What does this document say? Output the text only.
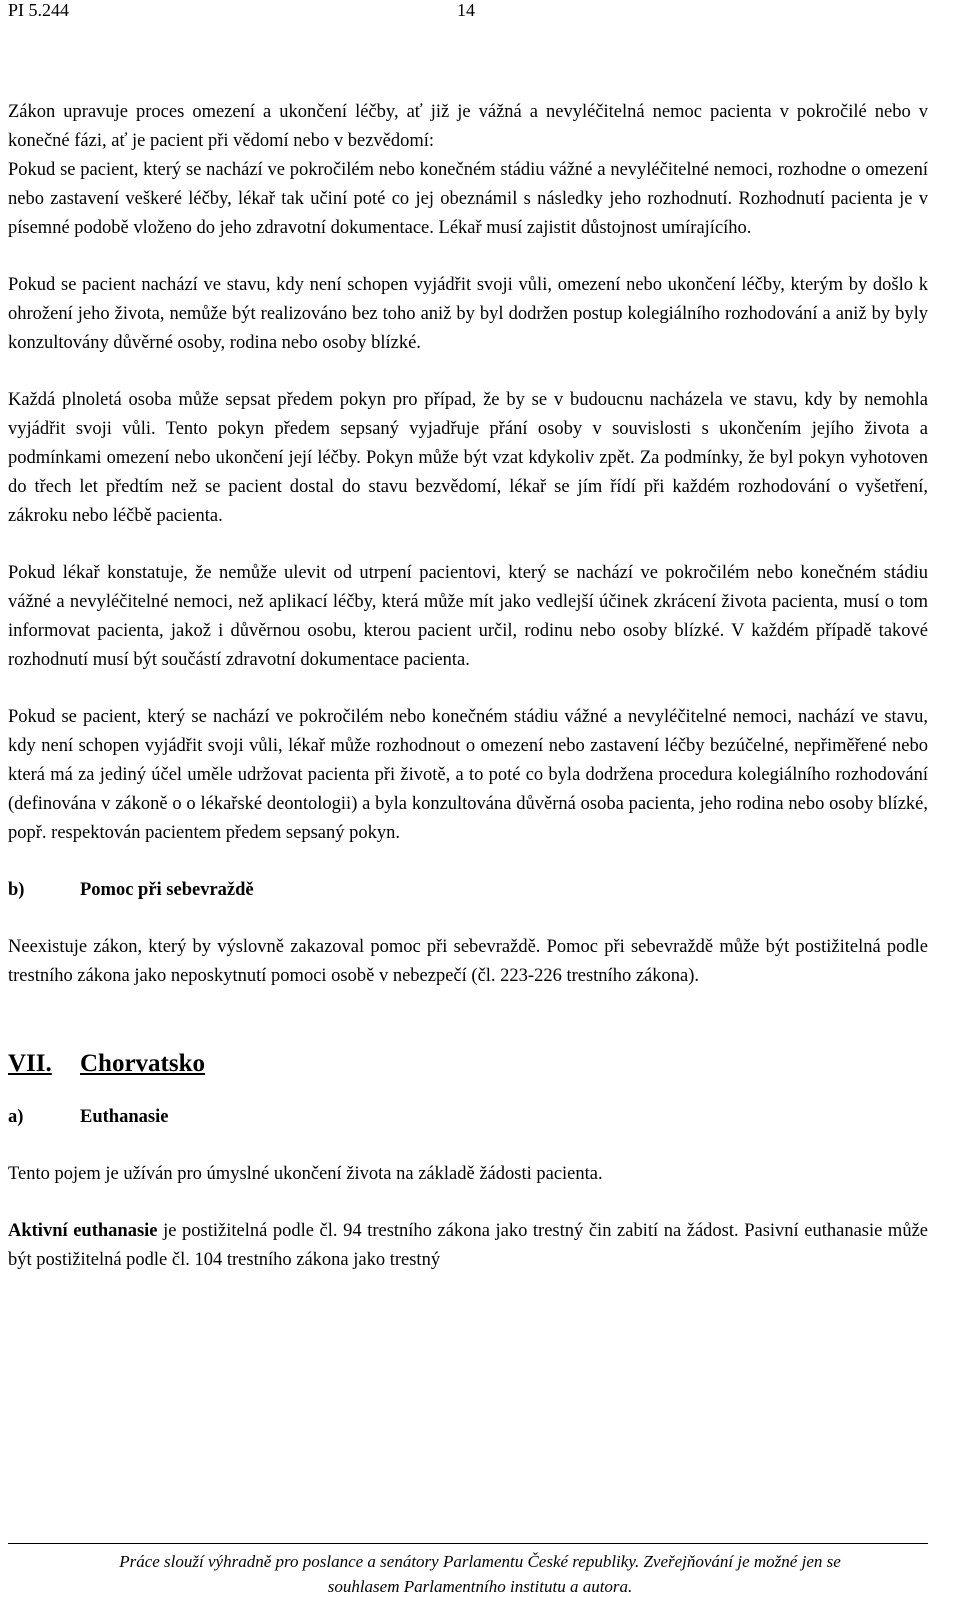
PI 5.244	14

Zákon upravuje proces omezení a ukončení léčby, ať již je vážná a nevyléčitelná nemoc pacienta v pokročilé nebo v konečné fázi, ať je pacient při vědomí nebo v bezvědomí:

Pokud se pacient, který se nachází ve pokročilém nebo konečném stádiu vážné a nevyléčitelné nemoci, rozhodne o omezení nebo zastavení veškeré léčby, lékař tak učiní poté co jej obeznámil s následky jeho rozhodnutí. Rozhodnutí pacienta je v písemné podobě vloženo do jeho zdravotní dokumentace. Lékař musí zajistit důstojnost umírajícího.

Pokud se pacient nachází ve stavu, kdy není schopen vyjádřit svoji vůli, omezení nebo ukončení léčby, kterým by došlo k ohrožení jeho života, nemůže být realizováno bez toho aniž by byl dodržen postup kolegiálního rozhodování a aniž by byly konzultovány důvěrné osoby, rodina nebo osoby blízké.

Každá plnoletá osoba může sepsat předem pokyn pro případ, že by se v budoucnu nacházela ve stavu, kdy by nemohla vyjádřit svoji vůli. Tento pokyn předem sepsaný vyjadřuje přání osoby v souvislosti s ukončením jejího života a podmínkami omezení nebo ukončení její léčby. Pokyn může být vzat kdykoliv zpět. Za podmínky, že byl pokyn vyhotoven do třech let předtím než se pacient dostal do stavu bezvědomí, lékař se jím řídí při každém rozhodování o vyšetření, zákroku nebo léčbě pacienta.

Pokud lékař konstatuje, že nemůže ulevit od utrpení pacientovi, který se nachází ve pokročilém nebo konečném stádiu vážné a nevyléčitelné nemoci, než aplikací léčby, která může mít jako vedlejší účinek zkrácení života pacienta, musí o tom informovat pacienta, jakož i důvěrnou osobu, kterou pacient určil, rodinu nebo osoby blízké. V každém případě takové rozhodnutí musí být součástí zdravotní dokumentace pacienta.

Pokud se pacient, který se nachází ve pokročilém nebo konečném stádiu vážné a nevyléčitelné nemoci, nachází ve stavu, kdy není schopen vyjádřit svoji vůli, lékař může rozhodnout o omezení nebo zastavení léčby bezúčelné, nepřiměřené nebo která má za jediný účel uměle udržovat pacienta při životě, a to poté co byla dodržena procedura kolegiálního rozhodování (definována v zákoně o o lékařské deontologii) a byla konzultována důvěrná osoba pacienta, jeho rodina nebo osoby blízké, popř. respektován pacientem předem sepsaný pokyn.

b)	Pomoc při sebevraždě

Neexistuje zákon, který by výslovně zakazoval pomoc při sebevraždě. Pomoc při sebevraždě může být postižitelná podle trestního zákona jako neposkytnutí pomoci osobě v nebezpečí (čl. 223-226 trestního zákona).

VII.	Chorvatsko
a)	Euthanasie

Tento pojem je užíván pro úmyslné ukončení života na základě žádosti pacienta.

Aktivní euthanasie je postižitelná podle čl. 94 trestního zákona jako trestný čin zabití na žádost. Pasivní euthanasie může být postižitelná podle čl. 104 trestního zákona jako trestný

Práce slouží výhradně pro poslance a senátory Parlamentu České republiky. Zveřejňování je možné jen se
souhlasem Parlamentního institutu a autora.
